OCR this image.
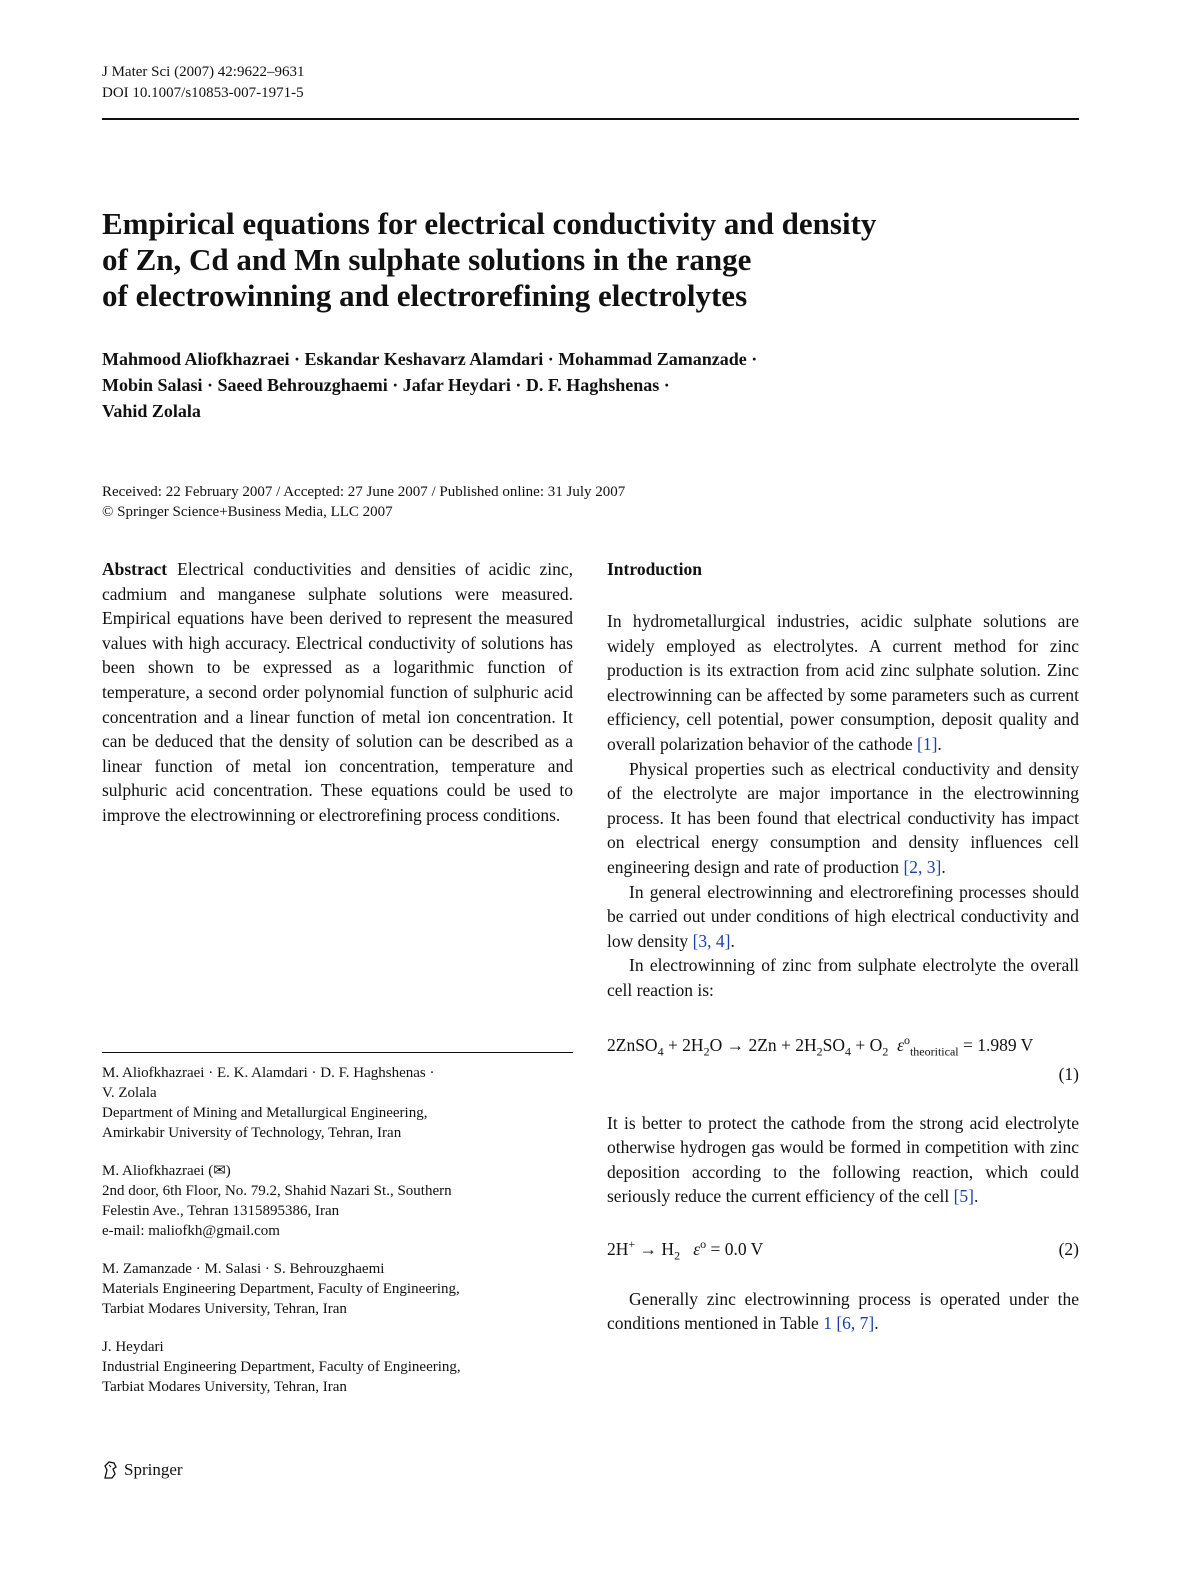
J Mater Sci (2007) 42:9622–9631
DOI 10.1007/s10853-007-1971-5
Empirical equations for electrical conductivity and density
of Zn, Cd and Mn sulphate solutions in the range
of electrowinning and electrorefining electrolytes
Mahmood Aliofkhazraei · Eskandar Keshavarz Alamdari · Mohammad Zamanzade ·
Mobin Salasi · Saeed Behrouzghaemi · Jafar Heydari · D. F. Haghshenas ·
Vahid Zolala
Received: 22 February 2007 / Accepted: 27 June 2007 / Published online: 31 July 2007
© Springer Science+Business Media, LLC 2007

Abstract Electrical conductivities and densities of acidic zinc, cadmium and manganese sulphate solutions were measured. Empirical equations have been derived to represent the measured values with high accuracy. Electrical conductivity of solutions has been shown to be expressed as a logarithmic function of temperature, a second order polynomial function of sulphuric acid concentration and a linear function of metal ion concentration. It can be deduced that the density of solution can be described as a linear function of metal ion concentration, temperature and sulphuric acid concentration. These equations could be used to improve the electrowinning or electrorefining process conditions.

M. Aliofkhazraei · E. K. Alamdari · D. F. Haghshenas ·
V. Zolala
Department of Mining and Metallurgical Engineering,
Amirkabir University of Technology, Tehran, Iran
M. Aliofkhazraei (✉)
2nd door, 6th Floor, No. 79.2, Shahid Nazari St., Southern
Felestin Ave., Tehran 1315895386, Iran
e-mail: maliofkh@gmail.com
M. Zamanzade · M. Salasi · S. Behrouzghaemi
Materials Engineering Department, Faculty of Engineering,
Tarbiat Modares University, Tehran, Iran
J. Heydari
Industrial Engineering Department, Faculty of Engineering,
Tarbiat Modares University, Tehran, Iran
Introduction

In hydrometallurgical industries, acidic sulphate solutions are widely employed as electrolytes. A current method for zinc production is its extraction from acid zinc sulphate solution. Zinc electrowinning can be affected by some parameters such as current efficiency, cell potential, power consumption, deposit quality and overall polarization behavior of the cathode [1].

Physical properties such as electrical conductivity and density of the electrolyte are major importance in the electrowinning process. It has been found that electrical conductivity has impact on electrical energy consumption and density influences cell engineering design and rate of production [2, 3].

In general electrowinning and electrorefining processes should be carried out under conditions of high electrical conductivity and low density [3, 4].

In electrowinning of zinc from sulphate electrolyte the overall cell reaction is:

2ZnSO$_4$ + $2H_2O \to 2Zn + 2H_2SO_4 + O_2$ $\varepsilon^o_{theoritical} = 1.989$ V
(1)

It is better to protect the cathode from the strong acid electrolyte otherwise hydrogen gas would be formed in competition with zinc deposition according to the following reaction, which could seriously reduce the current efficiency of the cell [5].

$2H^+ \to H_2$ $\varepsilon^o = 0.0$ V	(2)

Generally zinc electrowinning process is operated under the conditions mentioned in Table 1 [6, 7].

Springer
